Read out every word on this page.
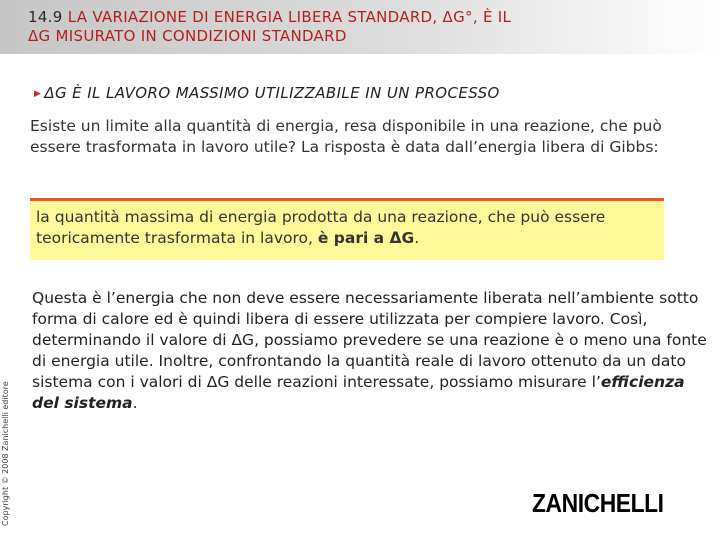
14.9 LA VARIAZIONE DI ENERGIA LIBERA STANDARD, ΔG°, È IL
ΔG MISURATO IN CONDIZIONI STANDARD
▶ ΔG È IL LAVORO MASSIMO UTILIZZABILE IN UN PROCESSO
Esiste un limite alla quantità di energia, resa disponibile in una reazione, che può essere trasformata in lavoro utile? La risposta è data dall’energia libera di Gibbs:
la quantità massima di energia prodotta da una reazione, che può essere teoricamente trasformata in lavoro, è pari a ΔG.
Questa è l’energia che non deve essere necessariamente liberata nell’ambiente sotto forma di calore ed è quindi libera di essere utilizzata per compiere lavoro. Così, determinando il valore di ΔG, possiamo prevedere se una reazione è o meno una fonte di energia utile. Inoltre, confrontando la quantità reale di lavoro ottenuto da un dato sistema con i valori di ΔG delle reazioni interessate, possiamo misurare l’efficienza del sistema.
Copyright © 2008 Zanichelli editore	ZANICHELLI
